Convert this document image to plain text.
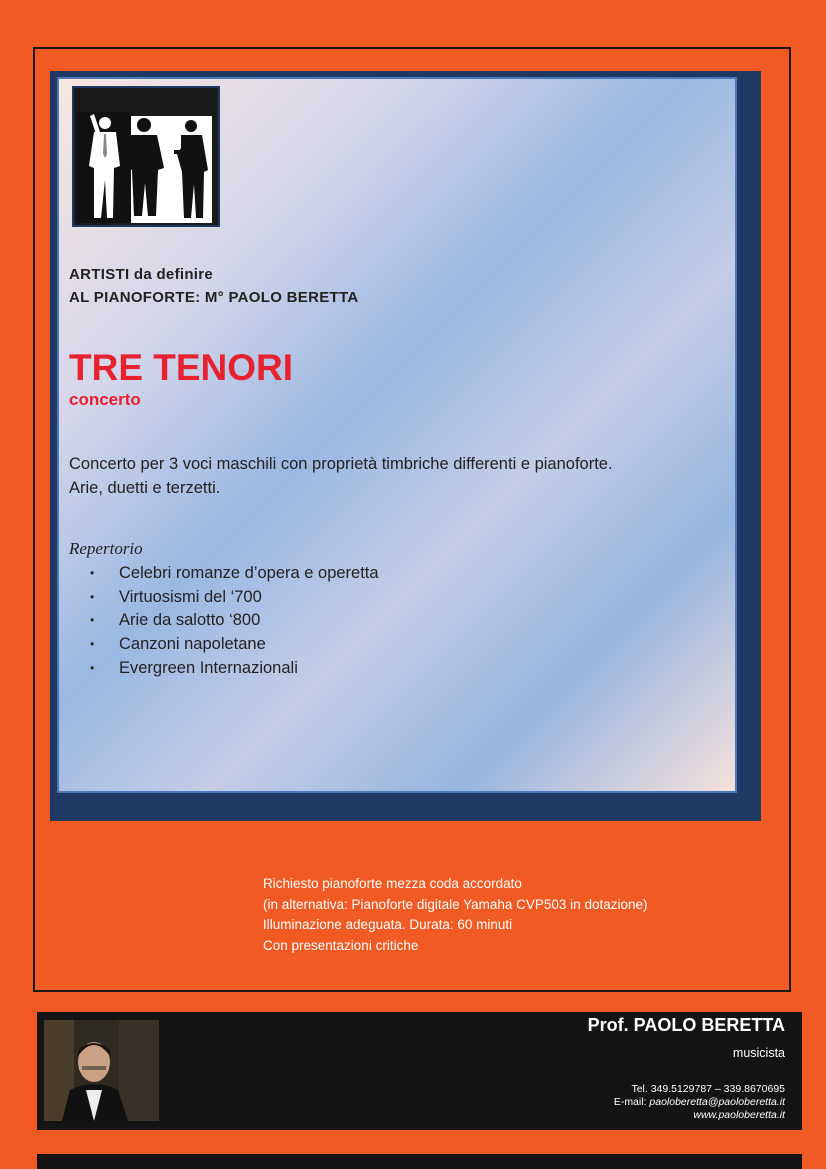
ARTISTI da definire
AL PIANOFORTE: M° PAOLO BERETTA
TRE TENORI
concerto
Concerto per 3 voci maschili con proprietà timbriche differenti e pianoforte.
Arie, duetti e terzetti.
Repertorio
• Celebri romanze d’opera e operetta
• Virtuosismi del ‘700
• Arie da salotto ‘800
• Canzoni napoletane
• Evergreen Internazionali
Richiesto pianoforte mezza coda accordato
(in alternativa: Pianoforte digitale Yamaha CVP503 in dotazione)
Illuminazione adeguata. Durata: 60 minuti
Con presentazioni critiche
Prof. PAOLO BERETTA
musicista
Tel. 349.5129787 – 339.8670695
E-mail: paoloberetta@paoloberetta.it
www.paoloberetta.it
